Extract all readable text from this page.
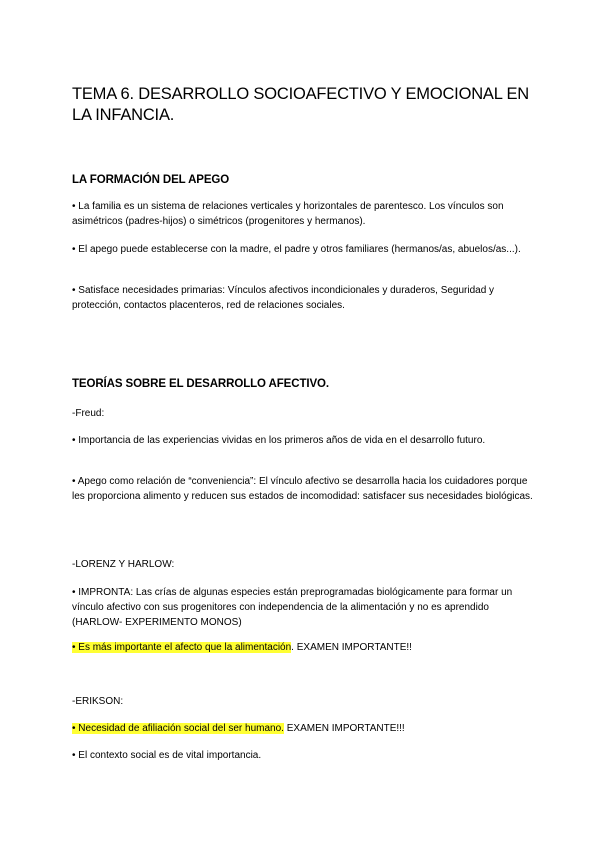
TEMA 6. DESARROLLO SOCIOAFECTIVO Y EMOCIONAL EN LA INFANCIA.
LA FORMACIÓN DEL APEGO

• La familia es un sistema de relaciones verticales y horizontales de parentesco. Los vínculos son asimétricos (padres-hijos) o simétricos (progenitores y hermanos).

• El apego puede establecerse con la madre, el padre y otros familiares (hermanos/as, abuelos/as...).

• Satisface necesidades primarias: Vínculos afectivos incondicionales y duraderos, Seguridad y protección, contactos placenteros, red de relaciones sociales.

TEORÍAS SOBRE EL DESARROLLO AFECTIVO.

-Freud:

• Importancia de las experiencias vividas en los primeros años de vida en el desarrollo futuro.

• Apego como relación de “conveniencia”: El vínculo afectivo se desarrolla hacia los cuidadores porque les proporciona alimento y reducen sus estados de incomodidad: satisfacer sus necesidades biológicas.

-LORENZ Y HARLOW:

• IMPRONTA: Las crías de algunas especies están preprogramadas biológicamente para formar un vínculo afectivo con sus progenitores con independencia de la alimentación y no es aprendido (HARLOW- EXPERIMENTO MONOS)

• Es más importante el afecto que la alimentación. EXAMEN IMPORTANTE!!

-ERIKSON:

• Necesidad de afiliación social del ser humano. EXAMEN IMPORTANTE!!!

• El contexto social es de vital importancia.
